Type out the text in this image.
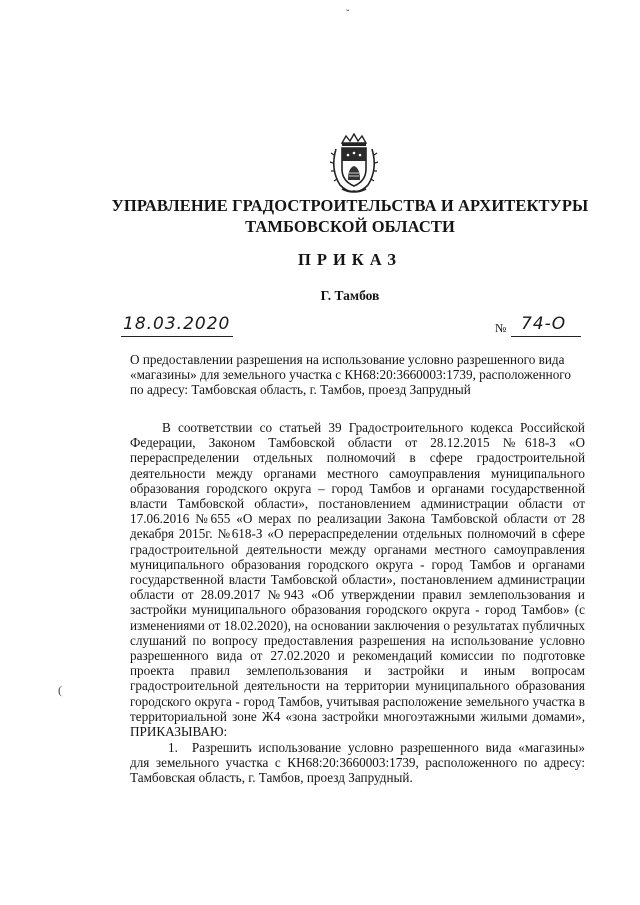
ˇ
УПРАВЛЕНИЕ ГРАДОСТРОИТЕЛЬСТВА И АРХИТЕКТУРЫ
ТАМБОВСКОЙ ОБЛАСТИ
ПРИКАЗ
Г. Тамбов
18.03.2020	№ 74-О
О предоставлении разрешения на использование условно разрешенного вида «магазины» для земельного участка с КН68:20:3660003:1739, расположенного по адресу: Тамбовская область, г. Тамбов, проезд Запрудный
В соответствии со статьей 39 Градостроительного кодекса Российской Федерации, Законом Тамбовской области от 28.12.2015 №618-З «О перераспределении отдельных полномочий в сфере градостроительной деятельности между органами местного самоуправления муниципального образования городского округа – город Тамбов и органами государственной власти Тамбовской области», постановлением администрации области от 17.06.2016 №655 «О мерах по реализации Закона Тамбовской области от 28 декабря 2015г. №618-З «О перераспределении отдельных полномочий в сфере градостроительной деятельности между органами местного самоуправления муниципального образования городского округа - город Тамбов и органами государственной власти Тамбовской области», постановлением администрации области от 28.09.2017 №943 «Об утверждении правил землепользования и застройки муниципального образования городского округа - город Тамбов» (с изменениями от 18.02.2020), на основании заключения о результатах публичных слушаний по вопросу предоставления разрешения на использование условно разрешенного вида от 27.02.2020 и рекомендаций комиссии по подготовке проекта правил землепользования и застройки и иным вопросам градостроительной деятельности на территории муниципального образования городского округа - город Тамбов, учитывая расположение земельного участка в территориальной зоне Ж4 «зона застройки многоэтажными жилыми домами», ПРИКАЗЫВАЮ:
(
1. Разрешить использование условно разрешенного вида «магазины» для земельного участка с КН68:20:3660003:1739, расположенного по адресу: Тамбовская область, г. Тамбов, проезд Запрудный.
